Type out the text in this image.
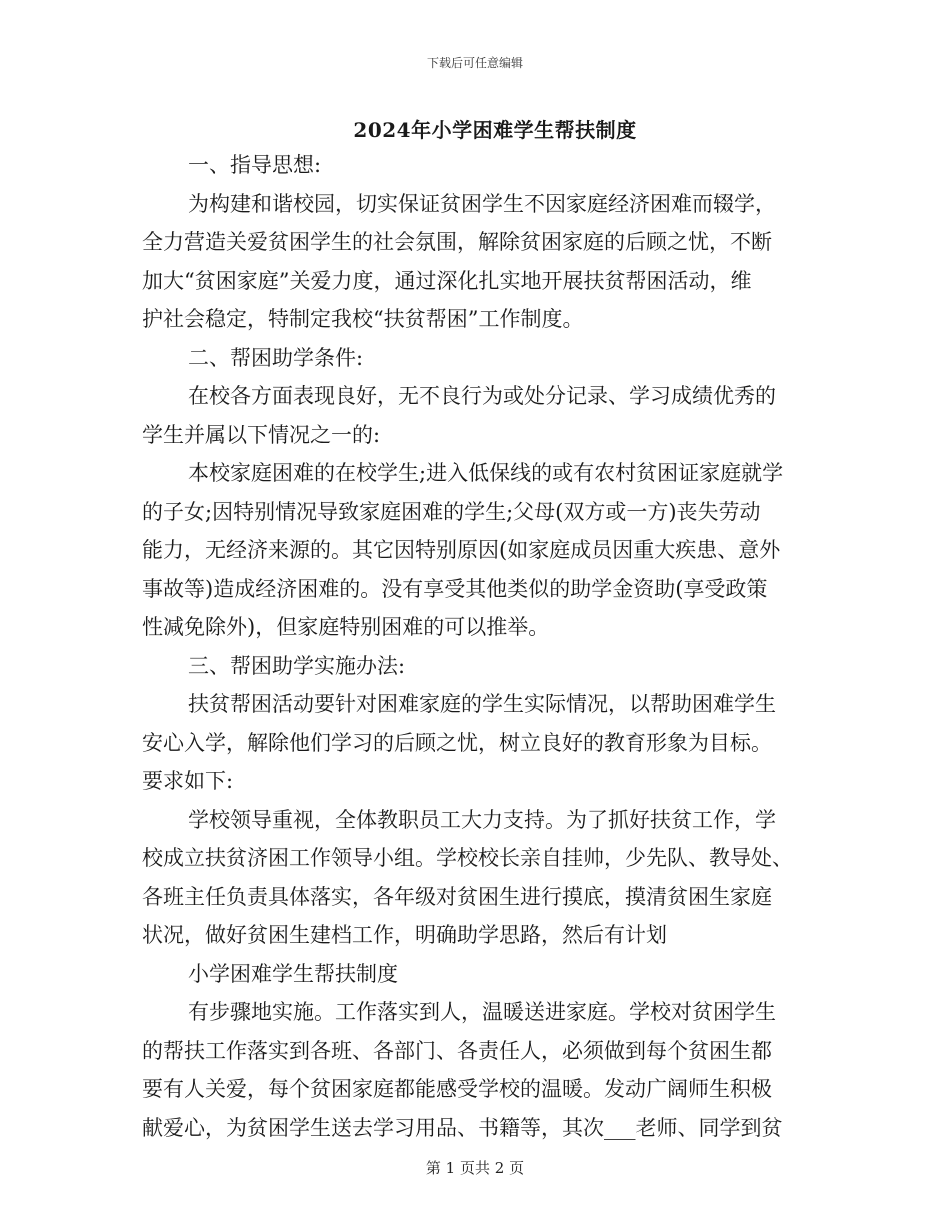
下载后可任意编辑
2024年小学困难学生帮扶制度
一、指导思想:
为构建和谐校园，切实保证贫困学生不因家庭经济困难而辍学，
全力营造关爱贫困学生的社会氛围，解除贫困家庭的后顾之忧，不断
加大“贫困家庭”关爱力度，通过深化扎实地开展扶贫帮困活动，维
护社会稳定，特制定我校“扶贫帮困”工作制度。
二、帮困助学条件:
在校各方面表现良好，无不良行为或处分记录、学习成绩优秀的
学生并属以下情况之一的:
本校家庭困难的在校学生;进入低保线的或有农村贫困证家庭就学
的子女;因特别情况导致家庭困难的学生;父母(双方或一方)丧失劳动
能力，无经济来源的。其它因特别原因(如家庭成员因重大疾患、意外
事故等)造成经济困难的。没有享受其他类似的助学金资助(享受政策
性减免除外)，但家庭特别困难的可以推举。
三、帮困助学实施办法:
扶贫帮困活动要针对困难家庭的学生实际情况，以帮助困难学生
安心入学，解除他们学习的后顾之忧，树立良好的教育形象为目标。
要求如下:
学校领导重视，全体教职员工大力支持。为了抓好扶贫工作，学
校成立扶贫济困工作领导小组。学校校长亲自挂帅，少先队、教导处、
各班主任负责具体落实，各年级对贫困生进行摸底，摸清贫困生家庭
状况，做好贫困生建档工作，明确助学思路，然后有计划
小学困难学生帮扶制度
有步骤地实施。工作落实到人，温暖送进家庭。学校对贫困学生
的帮扶工作落实到各班、各部门、各责任人，必须做到每个贫困生都
要有人关爱，每个贫困家庭都能感受学校的温暖。发动广阔师生积极
献爱心，为贫困学生送去学习用品、书籍等，其次___老师、同学到贫
第 1 页共 2 页
